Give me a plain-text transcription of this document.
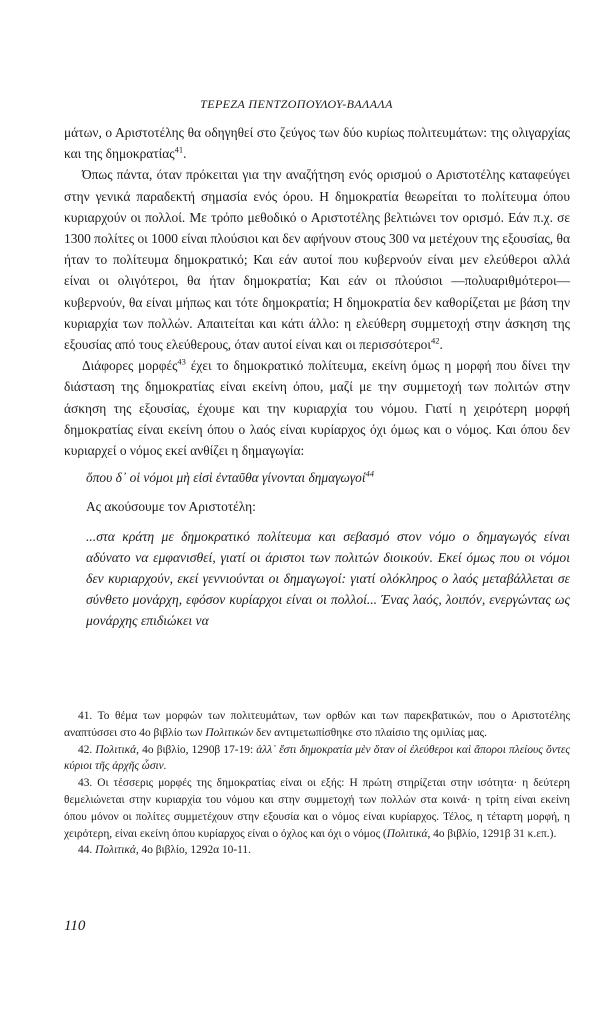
ΤΕΡΕΖΑ ΠΕΝΤΖΟΠΟΥΛΟΥ-ΒΑΛΑΛΑ

μάτων, ο Αριστοτέλης θα οδηγηθεί στο ζεύγος των δύο κυρίως πολιτευμάτων: της ολιγαρχίας και της δημοκρατίας$^{41}$.

Όπως πάντα, όταν πρόκειται για την αναζήτηση ενός ορισμού ο Αριστοτέλης καταφεύγει στην γενικά παραδεκτή σημασία ενός όρου. Η δημοκρατία θεωρείται το πολίτευμα όπου κυριαρχούν οι πολλοί. Με τρόπο μεθοδικό ο Αριστοτέλης βελτιώνει τον ορισμό. Εάν π.χ. σε 1300 πολίτες οι 1000 είναι πλούσιοι και δεν αφήνουν στους 300 να μετέχουν της εξουσίας, θα ήταν το πολίτευμα δημοκρατικό; Και εάν αυτοί που κυβερνούν είναι μεν ελεύθεροι αλλά είναι οι ολιγότεροι, θα ήταν δημοκρατία; Και εάν οι πλούσιοι —πολυαριθμότεροι— κυβερνούν, θα είναι μήπως και τότε δημοκρατία; Η δημοκρατία δεν καθορίζεται με βάση την κυριαρχία των πολλών. Απαιτείται και κάτι άλλο: η ελεύθερη συμμετοχή στην άσκηση της εξουσίας από τους ελεύθερους, όταν αυτοί είναι και οι περισσότεροι$^{42}$.

Διάφορες μορφές$^{43}$ έχει το δημοκρατικό πολίτευμα, εκείνη όμως η μορφή που δίνει την διάσταση της δημοκρατίας είναι εκείνη όπου, μαζί με την συμμετοχή των πολιτών στην άσκηση της εξουσίας, έχουμε και την κυριαρχία του νόμου. Γιατί η χειρότερη μορφή δημοκρατίας είναι εκείνη όπου ο λαός είναι κυρίαρχος όχι όμως και ο νόμος. Και όπου δεν κυριαρχεί ο νόμος εκεί ανθίζει η δημαγωγία:

ὅπου δ᾽ οἱ νόμοι μὴ εἰσὶ ἐνταῦθα γίνονται δημαγωγοί$^{44}$

Ας ακούσουμε τον Αριστοτέλη:

...στα κράτη με δημοκρατικό πολίτευμα και σεβασμό στον νόμο ο δημαγωγός είναι αδύνατο να εμφανισθεί, γιατί οι άριστοι των πολιτών διοικούν. Εκεί όμως που οι νόμοι δεν κυριαρχούν, εκεί γεννιούνται οι δημαγωγοί: γιατί ολόκληρος ο λαός μεταβάλλεται σε σύνθετο μονάρχη, εφόσον κυρίαρχοι είναι οι πολλοί... Ένας λαός, λοιπόν, ενεργώντας ως μονάρχης επιδιώκει να

41. Το θέμα των μορφών των πολιτευμάτων, των ορθών και των παρεκβατικών, που ο Αριστοτέλης αναπτύσσει στο 4ο βιβλίο των Πολιτικών δεν αντιμετωπίσθηκε στο πλαίσιο της ομιλίας μας.

42. Πολιτικά, 4ο βιβλίο, 1290β 17-19: ἀλλ᾽ ἔστι δημοκρατία μὲν ὅταν οἱ ἐλεύθεροι καὶ ἄποροι πλείους ὄντες κύριοι τῆς ἀρχῆς ὦσιν.

43. Οι τέσσερις μορφές της δημοκρατίας είναι οι εξής: Η πρώτη στηρίζεται στην ισότητα· η δεύτερη θεμελιώνεται στην κυριαρχία του νόμου και στην συμμετοχή των πολλών στα κοινά· η τρίτη είναι εκείνη όπου μόνον οι πολίτες συμμετέχουν στην εξουσία και ο νόμος είναι κυρίαρχος. Τέλος, η τέταρτη μορφή, η χειρότερη, είναι εκείνη όπου κυρίαρχος είναι ο όχλος και όχι ο νόμος (Πολιτικά, 4ο βιβλίο, 1291β 31 κ.επ.).

44. Πολιτικά, 4ο βιβλίο, 1292α 10-11.

110
